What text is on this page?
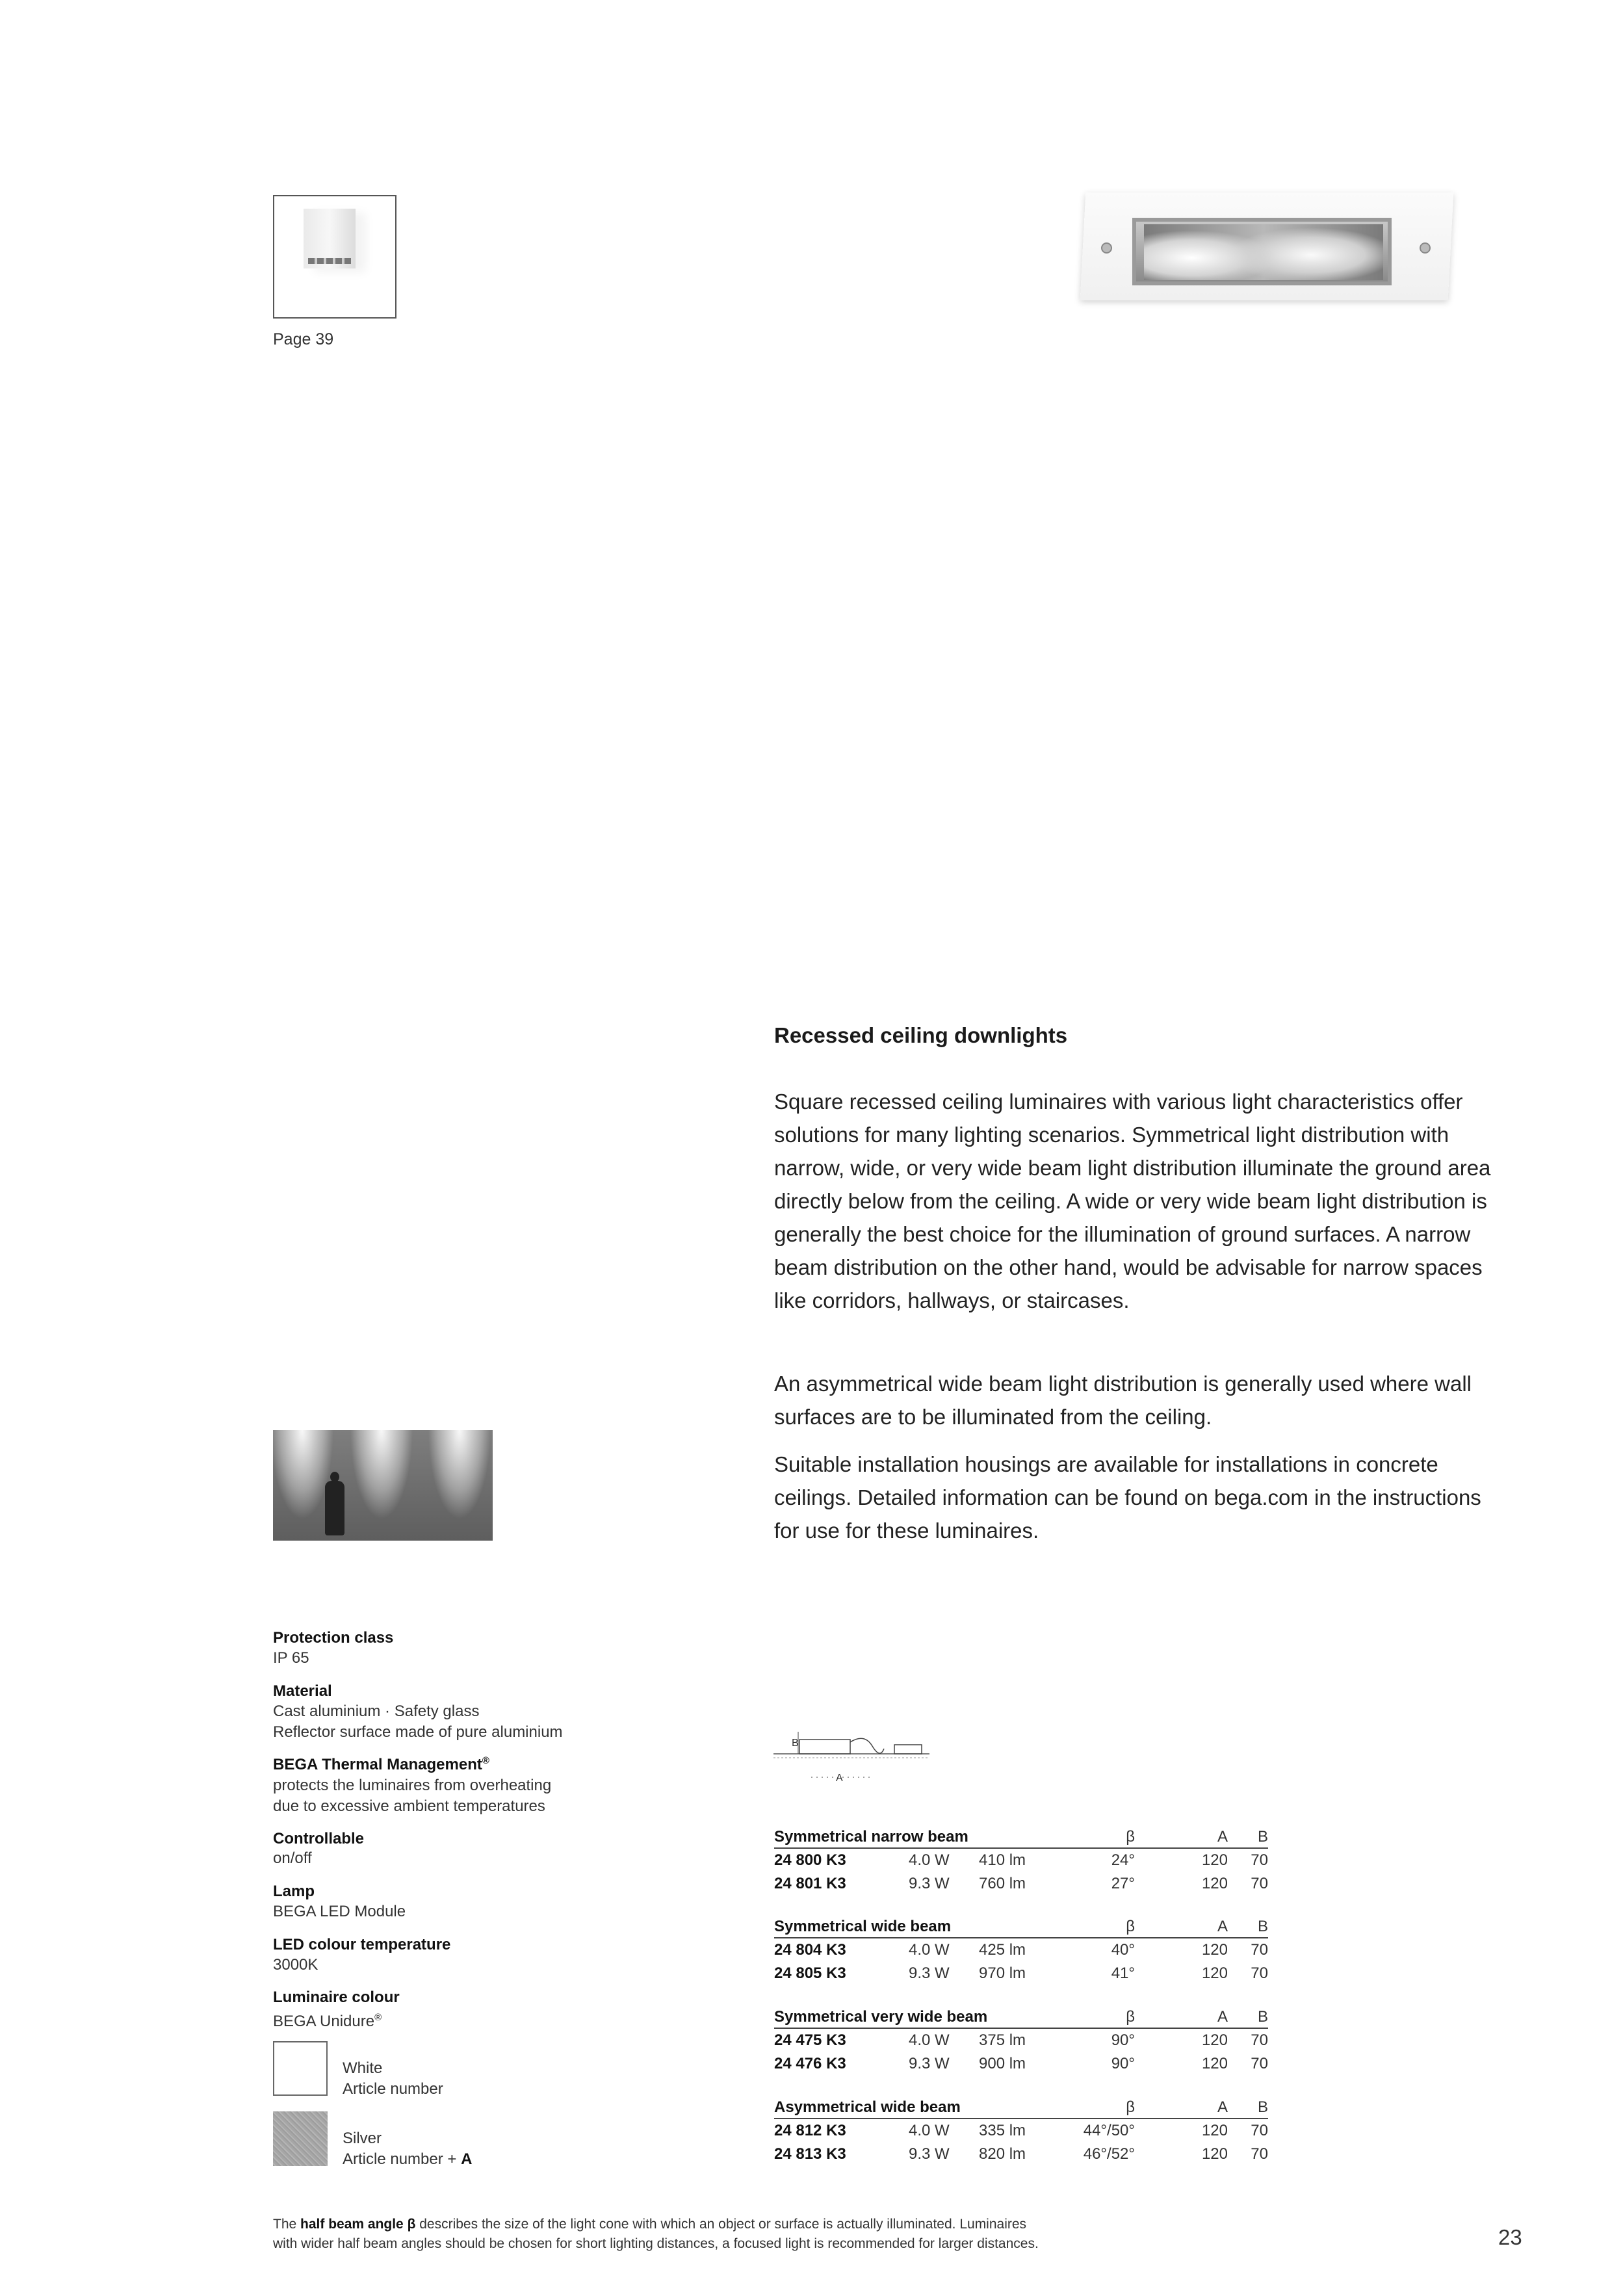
Page 39
Recessed ceiling downlights
Square recessed ceiling luminaires with various light characteristics offer solutions for many lighting scenarios. Symmetrical light distribution with narrow, wide, or very wide beam light distribution illuminate the ground area directly below from the ceiling. A wide or very wide beam light distribution is generally the best choice for the illumination of ground surfaces. A narrow beam distribution on the other hand, would be advisable for narrow spaces like corridors, hallways, or staircases.
An asymmetrical wide beam light distribution is generally used where wall surfaces are to be illuminated from the ceiling.
Suitable installation housings are available for installations in concrete ceilings. Detailed information can be found on bega.com in the instructions for use for these luminaires.
Protection class
IP 65
Material
Cast aluminium · Safety glass
Reflector surface made of pure aluminium
BEGA Thermal Management®
protects the luminaires from overheating
due to excessive ambient temperatures
Controllable
on/off
Lamp
BEGA LED Module
LED colour temperature
3000K
Luminaire colour
BEGA Unidure®
White
Article number
Silver
Article number + A
B
A
Symmetrical narrow beam	β	A B
24 800 K3	4.0 W	410 lm	24°	120 70
24 801 K3	9.3 W	760 lm	27°	120 70
Symmetrical wide beam	β	A B
24 804 K3	4.0 W	425 lm	40°	120 70
24 805 K3	9.3 W	970 lm	41°	120 70
Symmetrical very wide beam	β	A B
24 475 K3	4.0 W	375 lm	90°	120 70
24 476 K3	9.3 W	900 lm	90°	120 70
Asymmetrical wide beam	β	A B
24 812 K3	4.0 W	335 lm	44°/50°	120 70
24 813 K3	9.3 W	820 lm	46°/52°	120 70
The half beam angle β describes the size of the light cone with which an object or surface is actually illuminated. Luminaires
with wider half beam angles should be chosen for short lighting distances, a focused light is recommended for larger distances.	23
